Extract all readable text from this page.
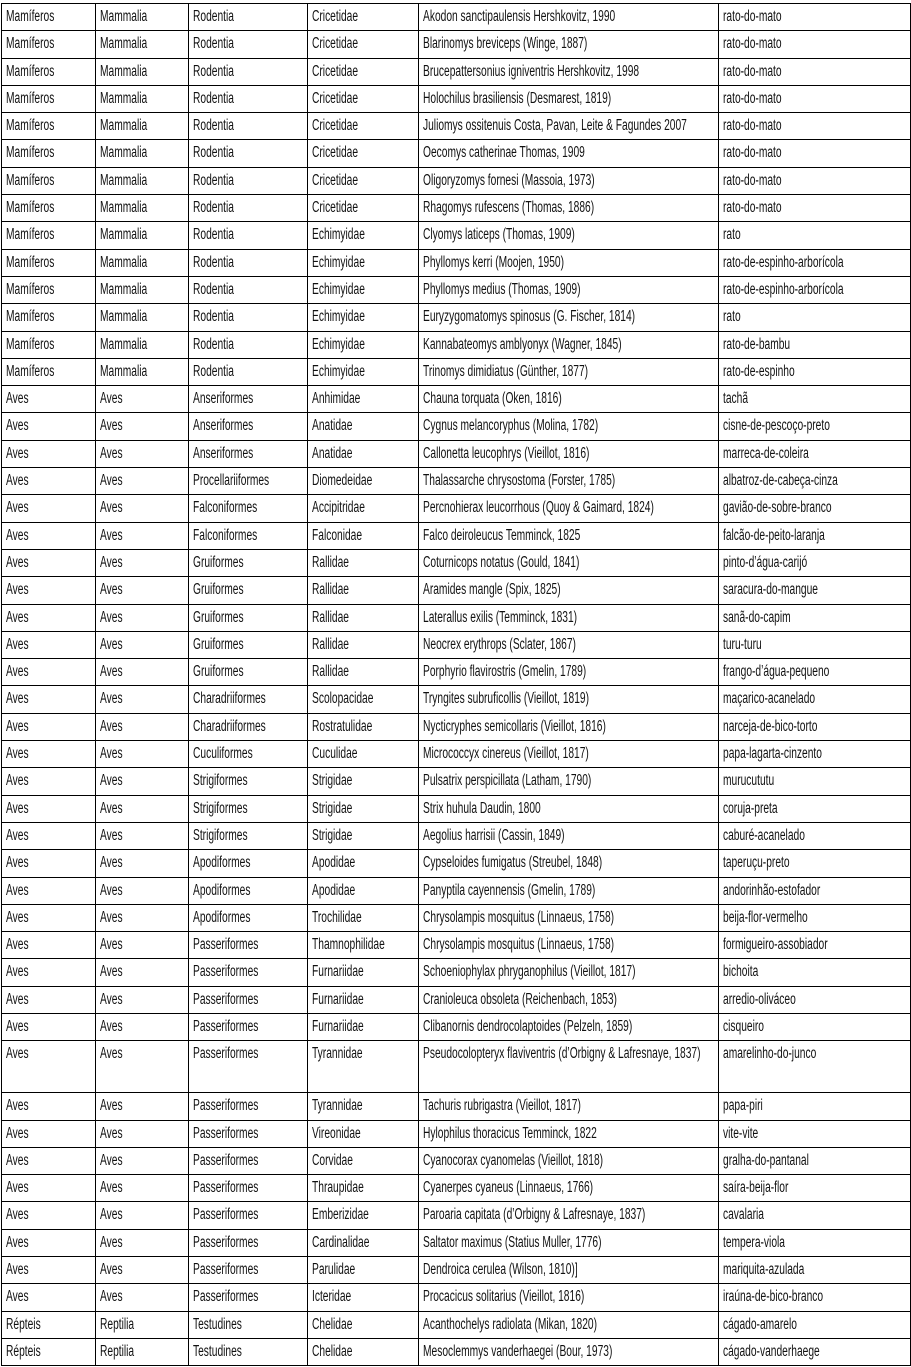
Mamíferos	Mammalia	Rodentia	Cricetidae	Akodon sanctipaulensis Hershkovitz, 1990	rato-do-mato
Mamíferos	Mammalia	Rodentia	Cricetidae	Blarinomys breviceps (Winge, 1887)	rato-do-mato
Mamíferos	Mammalia	Rodentia	Cricetidae	Brucepattersonius igniventris Hershkovitz, 1998	rato-do-mato
Mamíferos	Mammalia	Rodentia	Cricetidae	Holochilus brasiliensis (Desmarest, 1819)	rato-do-mato
Mamíferos	Mammalia	Rodentia	Cricetidae	Juliomys ossitenuis Costa, Pavan, Leite & Fagundes 2007	rato-do-mato
Mamíferos	Mammalia	Rodentia	Cricetidae	Oecomys catherinae Thomas, 1909	rato-do-mato
Mamíferos	Mammalia	Rodentia	Cricetidae	Oligoryzomys fornesi (Massoia, 1973)	rato-do-mato
Mamíferos	Mammalia	Rodentia	Cricetidae	Rhagomys rufescens (Thomas, 1886)	rato-do-mato
Mamíferos	Mammalia	Rodentia	Echimyidae	Clyomys laticeps (Thomas, 1909)	rato
Mamíferos	Mammalia	Rodentia	Echimyidae	Phyllomys kerri (Moojen, 1950)	rato-de-espinho-arborícola
Mamíferos	Mammalia	Rodentia	Echimyidae	Phyllomys medius (Thomas, 1909)	rato-de-espinho-arborícola
Mamíferos	Mammalia	Rodentia	Echimyidae	Euryzygomatomys spinosus (G. Fischer, 1814)	rato
Mamíferos	Mammalia	Rodentia	Echimyidae	Kannabateomys amblyonyx (Wagner, 1845)	rato-de-bambu
Mamíferos	Mammalia	Rodentia	Echimyidae	Trinomys dimidiatus (Günther, 1877)	rato-de-espinho
Aves	Aves	Anseriformes	Anhimidae	Chauna torquata (Oken, 1816)	tachã
Aves	Aves	Anseriformes	Anatidae	Cygnus melancoryphus (Molina, 1782)	cisne-de-pescoço-preto
Aves	Aves	Anseriformes	Anatidae	Callonetta leucophrys (Vieillot, 1816)	marreca-de-coleira
Aves	Aves	Procellariiformes	Diomedeidae	Thalassarche chrysostoma (Forster, 1785)	albatroz-de-cabeça-cinza
Aves	Aves	Falconiformes	Accipitridae	Percnohierax leucorrhous (Quoy & Gaimard, 1824)	gavião-de-sobre-branco
Aves	Aves	Falconiformes	Falconidae	Falco deiroleucus Temminck, 1825	falcão-de-peito-laranja
Aves	Aves	Gruiformes	Rallidae	Coturnicops notatus (Gould, 1841)	pinto-d’água-carijó
Aves	Aves	Gruiformes	Rallidae	Aramides mangle (Spix, 1825)	saracura-do-mangue
Aves	Aves	Gruiformes	Rallidae	Laterallus exilis (Temminck, 1831)	sanã-do-capim
Aves	Aves	Gruiformes	Rallidae	Neocrex erythrops (Sclater, 1867)	turu-turu
Aves	Aves	Gruiformes	Rallidae	Porphyrio flavirostris (Gmelin, 1789)	frango-d’água-pequeno
Aves	Aves	Charadriiformes	Scolopacidae	Tryngites subruficollis (Vieillot, 1819)	maçarico-acanelado
Aves	Aves	Charadriiformes	Rostratulidae	Nycticryphes semicollaris (Vieillot, 1816)	narceja-de-bico-torto
Aves	Aves	Cuculiformes	Cuculidae	Micrococcyx cinereus (Vieillot, 1817)	papa-lagarta-cinzento
Aves	Aves	Strigiformes	Strigidae	Pulsatrix perspicillata (Latham, 1790)	murucututu
Aves	Aves	Strigiformes	Strigidae	Strix huhula Daudin, 1800	coruja-preta
Aves	Aves	Strigiformes	Strigidae	Aegolius harrisii (Cassin, 1849)	caburé-acanelado
Aves	Aves	Apodiformes	Apodidae	Cypseloides fumigatus (Streubel, 1848)	taperuçu-preto
Aves	Aves	Apodiformes	Apodidae	Panyptila cayennensis (Gmelin, 1789)	andorinhão-estofador
Aves	Aves	Apodiformes	Trochilidae	Chrysolampis mosquitus (Linnaeus, 1758)	beija-flor-vermelho
Aves	Aves	Passeriformes	Thamnophilidae	Chrysolampis mosquitus (Linnaeus, 1758)	formigueiro-assobiador
Aves	Aves	Passeriformes	Furnariidae	Schoeniophylax phryganophilus (Vieillot, 1817)	bichoita
Aves	Aves	Passeriformes	Furnariidae	Cranioleuca obsoleta (Reichenbach, 1853)	arredio-oliváceo
Aves	Aves	Passeriformes	Furnariidae	Clibanornis dendrocolaptoides (Pelzeln, 1859)	cisqueiro
Aves	Aves	Passeriformes	Tyrannidae	Pseudocolopteryx flaviventris (d’Orbigny & Lafresnaye, 1837)	amarelinho-do-junco
Aves	Aves	Passeriformes	Tyrannidae	Tachuris rubrigastra (Vieillot, 1817)	papa-piri
Aves	Aves	Passeriformes	Vireonidae	Hylophilus thoracicus Temminck, 1822	vite-vite
Aves	Aves	Passeriformes	Corvidae	Cyanocorax cyanomelas (Vieillot, 1818)	gralha-do-pantanal
Aves	Aves	Passeriformes	Thraupidae	Cyanerpes cyaneus (Linnaeus, 1766)	saíra-beija-flor
Aves	Aves	Passeriformes	Emberizidae	Paroaria capitata (d’Orbigny & Lafresnaye, 1837)	cavalaria
Aves	Aves	Passeriformes	Cardinalidae	Saltator maximus (Statius Muller, 1776)	tempera-viola
Aves	Aves	Passeriformes	Parulidae	Dendroica cerulea (Wilson, 1810)]	mariquita-azulada
Aves	Aves	Passeriformes	Icteridae	Procacicus solitarius (Vieillot, 1816)	iraúna-de-bico-branco
Répteis	Reptilia	Testudines	Chelidae	Acanthochelys radiolata (Mikan, 1820)	cágado-amarelo
Répteis	Reptilia	Testudines	Chelidae	Mesoclemmys vanderhaegei (Bour, 1973)	cágado-vanderhaege
